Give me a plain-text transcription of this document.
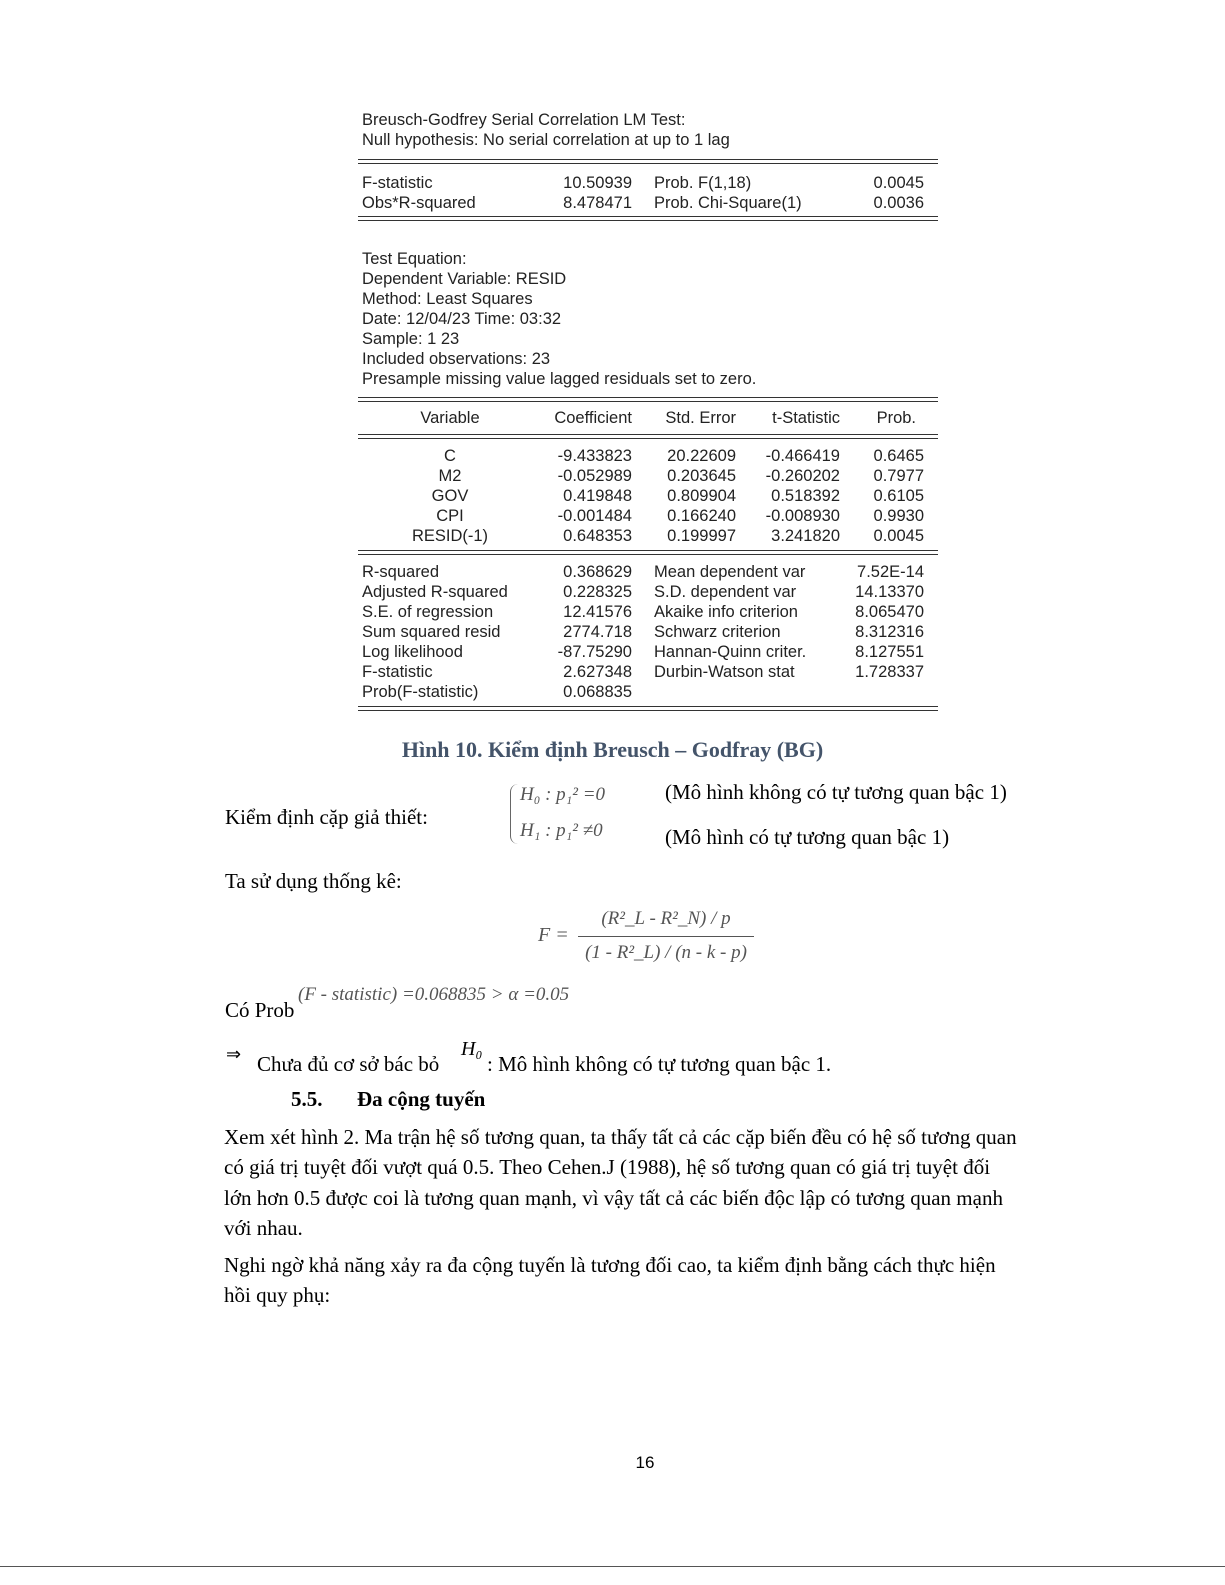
Breusch-Godfrey Serial Correlation LM Test:
Null hypothesis: No serial correlation at up to 1 lag
F-statistic	10.50939 Prob. F(1,18)	0.0045
Obs*R-squared	8.478471 Prob. Chi-Square(1)	0.0036
Test Equation:
Dependent Variable: RESID
Method: Least Squares
Date: 12/04/23 Time: 03:32
Sample: 1 23
Included observations: 23
Presample missing value lagged residuals set to zero.
Variable	Coefficient Std. Error t-Statistic Prob.
C	-9.433823 20.22609 -0.466419 0.6465
M2	-0.052989 0.203645 -0.260202 0.7977
GOV	0.419848 0.809904 0.518392 0.6105
CPI	-0.001484 0.166240 -0.008930 0.9930
RESID(-1)	0.648353 0.199997 3.241820 0.0045
R-squared	0.368629 Mean dependent var	7.52E-14
Adjusted R-squared	0.228325 S.D. dependent var	14.13370
S.E. of regression	12.41576 Akaike info criterion	8.065470
Sum squared resid	2774.718 Schwarz criterion	8.312316
Log likelihood	-87.75290 Hannan-Quinn criter.	8.127551
F-statistic	2.627348 Durbin-Watson stat	1.728337
Prob(F-statistic)	0.068835
Hình 10. Kiểm định Breusch – Godfray (BG)
Kiểm định cặp giả thiết:
H₀ : p₁² =0
H₁ : p₁² ≠0
(Mô hình không có tự tương quan bậc 1)
(Mô hình có tự tương quan bậc 1)
Ta sử dụng thống kê:
F =
(R²_L - R²_N) / p
(1 - R²_L) / (n - k - p)
Có Prob
(F - statistic) =0.068835 > α =0.05
⇒ Chưa đủ cơ sở bác bỏ
H₀
: Mô hình không có tự tương quan bậc 1.
5.5. Đa cộng tuyến
Xem xét hình 2. Ma trận hệ số tương quan, ta thấy tất cả các cặp biến đều có hệ số tương quan
có giá trị tuyệt đối vượt quá 0.5. Theo Cehen.J (1988), hệ số tương quan có giá trị tuyệt đối
lớn hơn 0.5 được coi là tương quan mạnh, vì vậy tất cả các biến độc lập có tương quan mạnh
với nhau.
Nghi ngờ khả năng xảy ra đa cộng tuyến là tương đối cao, ta kiểm định bằng cách thực hiện
hồi quy phụ:
16
